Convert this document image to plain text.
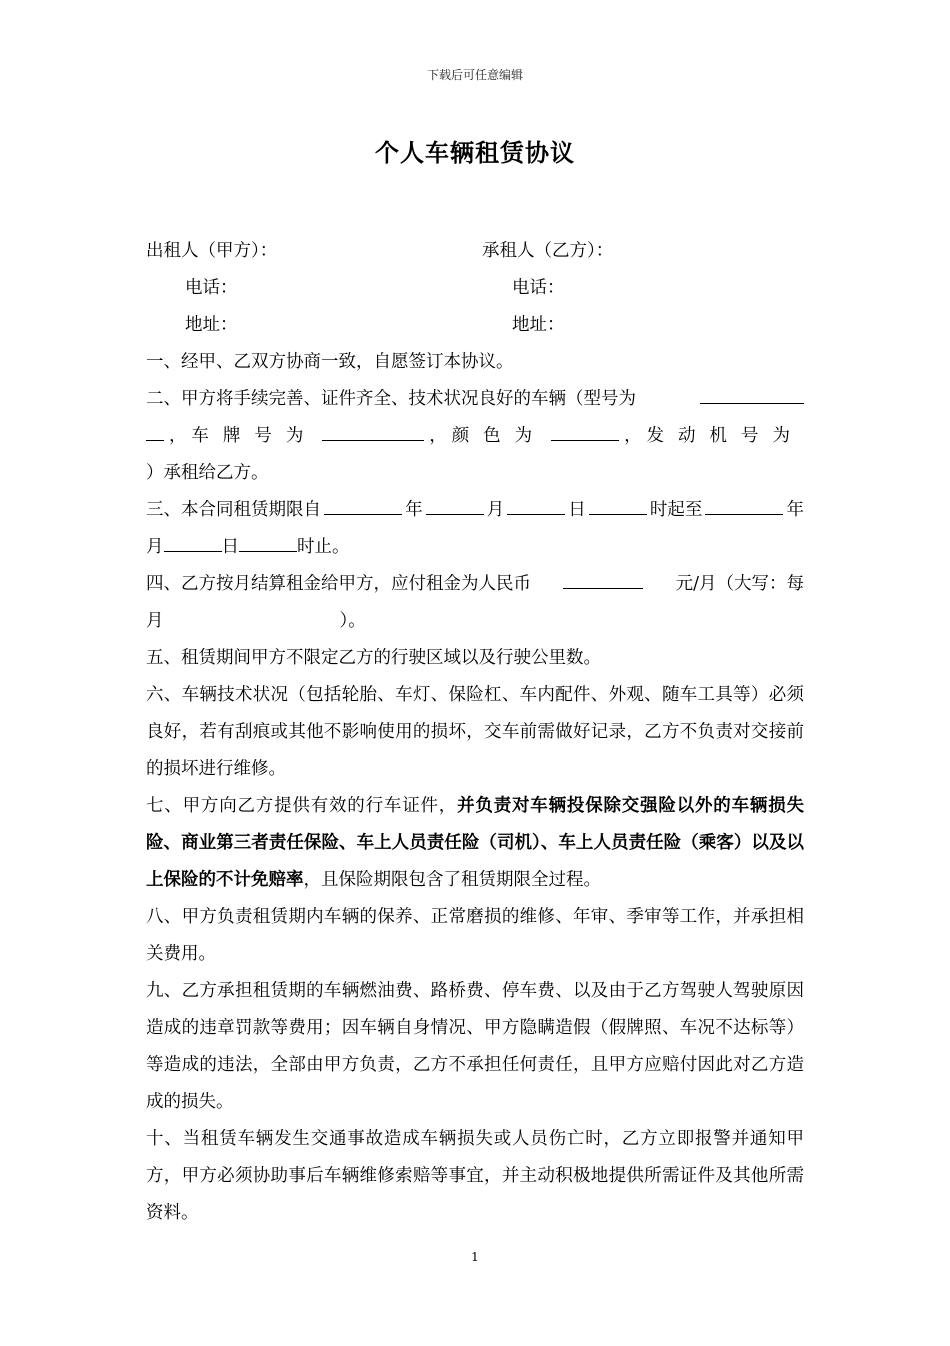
下载后可任意编辑
个人车辆租赁协议
出租人（甲方）：	承租人（乙方）：
电话：	电话：
地址：	地址：
一、经甲、乙双方协商一致，自愿签订本协议。
二、甲方将手续完善、证件齐全、技术状况良好的车辆（型号为
， 车牌号为	， 颜色为	， 发动机号为
）承租给乙方。
三、本合同租赁期限自	年	月	日	时起至	年
月	日	时止。
四、乙方按月结算租金给甲方，应付租金为人民币	元/月（大写：每
月	）。
五、租赁期间甲方不限定乙方的行驶区域以及行驶公里数。
六、车辆技术状况（包括轮胎、车灯、保险杠、车内配件、外观、随车工具等）必须良好，若有刮痕或其他不影响使用的损坏，交车前需做好记录，乙方不负责对交接前的损坏进行维修。
七、甲方向乙方提供有效的行车证件，并负责对车辆投保除交强险以外的车辆损失险、商业第三者责任保险、车上人员责任险（司机）、车上人员责任险（乘客）以及以上保险的不计免赔率，且保险期限包含了租赁期限全过程。
八、甲方负责租赁期内车辆的保养、正常磨损的维修、年审、季审等工作，并承担相关费用。
九、乙方承担租赁期的车辆燃油费、路桥费、停车费、以及由于乙方驾驶人驾驶原因造成的违章罚款等费用；因车辆自身情况、甲方隐瞒造假（假牌照、车况不达标等）等造成的违法，全部由甲方负责，乙方不承担任何责任，且甲方应赔付因此对乙方造成的损失。
十、当租赁车辆发生交通事故造成车辆损失或人员伤亡时，乙方立即报警并通知甲方，甲方必须协助事后车辆维修索赔等事宜，并主动积极地提供所需证件及其他所需资料。
1
